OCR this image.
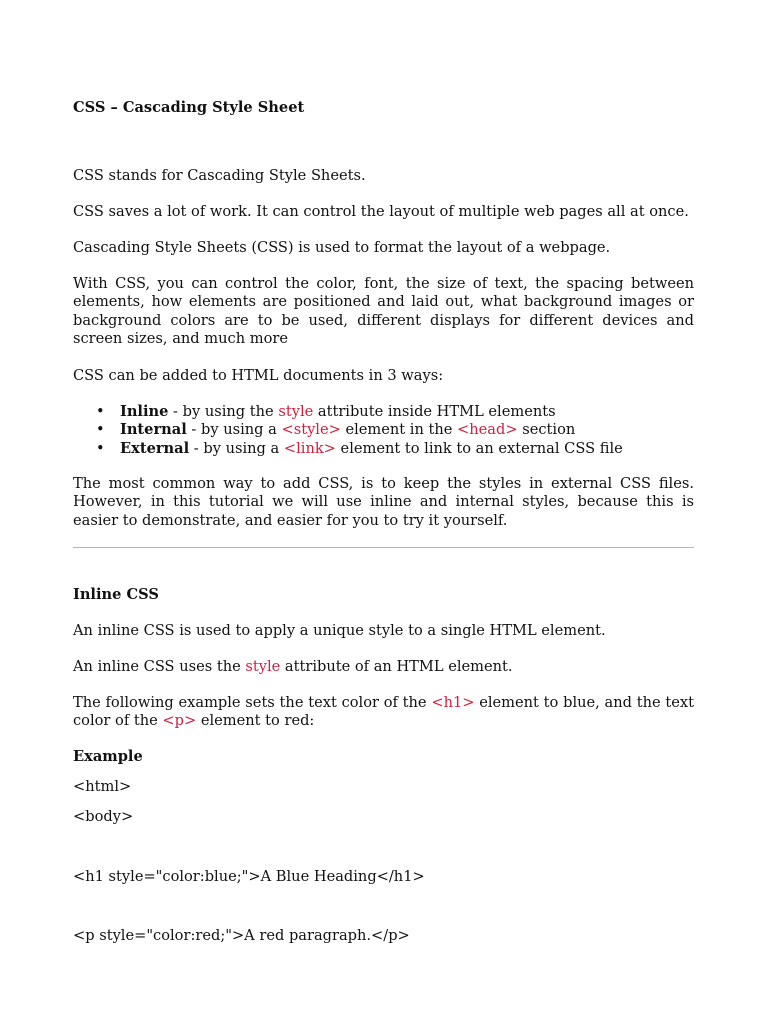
CSS – Cascading Style Sheet

CSS stands for Cascading Style Sheets.

CSS saves a lot of work. It can control the layout of multiple web pages all at once.

Cascading Style Sheets (CSS) is used to format the layout of a webpage.

With CSS, you can control the color, font, the size of text, the spacing between elements, how elements are positioned and laid out, what background images or background colors are to be used, different displays for different devices and screen sizes, and much more

CSS can be added to HTML documents in 3 ways:

• Inline - by using the style attribute inside HTML elements
• Internal - by using a <style> element in the <head> section
• External - by using a <link> element to link to an external CSS file

The most common way to add CSS, is to keep the styles in external CSS files. However, in this tutorial we will use inline and internal styles, because this is easier to demonstrate, and easier for you to try it yourself.

Inline CSS

An inline CSS is used to apply a unique style to a single HTML element.

An inline CSS uses the style attribute of an HTML element.

The following example sets the text color of the <h1> element to blue, and the text color of the <p> element to red:

Example

<html>

<body>

<h1 style="color:blue;">A Blue Heading</h1>

<p style="color:red;">A red paragraph.</p>
